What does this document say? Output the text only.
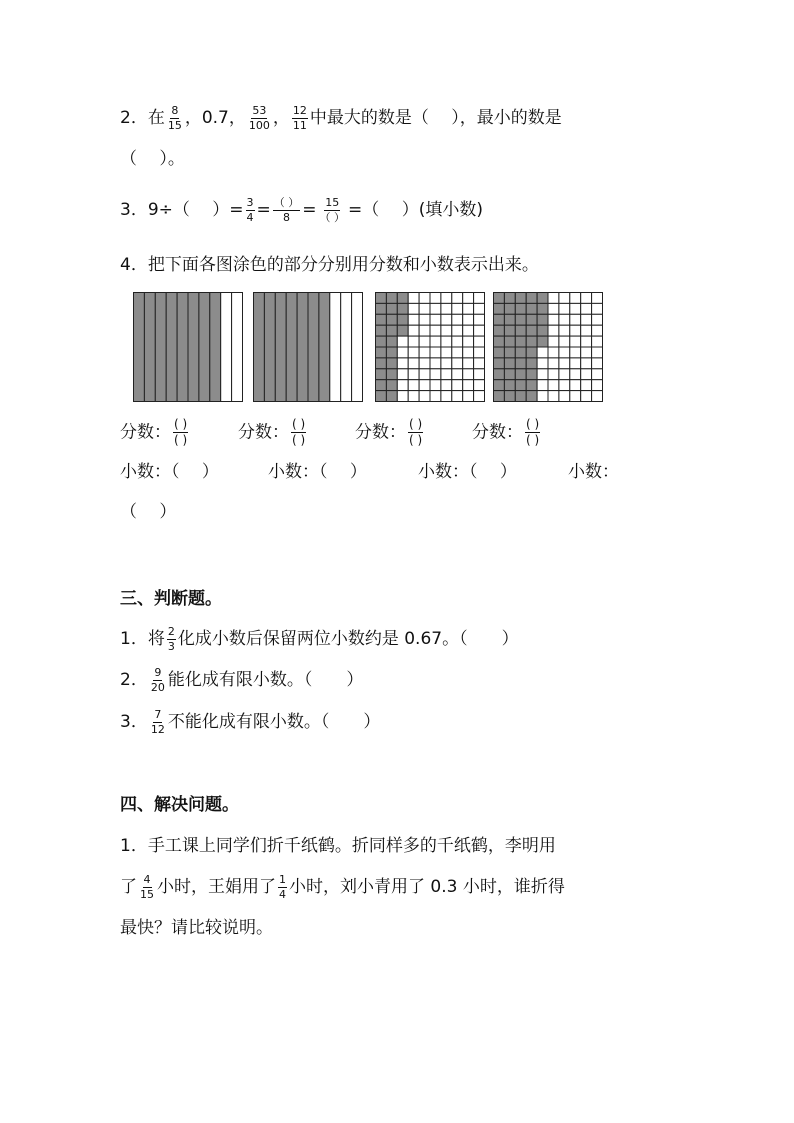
2．在 $\frac{8}{15}$ ，0.7， $\frac{53}{100}$ ， $\frac{12}{11}$ 中最大的数是（　 ），最小的数是
（　 ）。
3．9÷（　 ）= $\frac{3}{4} = \frac{( )}{8} = \frac{15}{( )}$ =（　 ）(填小数)
4．把下面各图涂色的部分分别用分数和小数表示出来。
分数： $\frac{( )}{( )}$	分数： $\frac{( )}{( )}$	分数： $\frac{( )}{( )}$	分数： $\frac{( )}{( )}$
小数：（　 ）	小数：（　 ）	小数：（　 ）	小数：
（　 ）
三、判断题。
1．将 $\frac{2}{3}$ 化成小数后保留两位小数约是 0.67。（　　）
2． $\frac{9}{20}$ 能化成有限小数。（　　）
3． $\frac{7}{12}$ 不能化成有限小数。（　　）
四、解决问题。
1．手工课上同学们折千纸鹤。折同样多的千纸鹤，李明用
了 $\frac{4}{15}$ 小时，王娟用了 $\frac{1}{4}$ 小时，刘小青用了 0.3 小时，谁折得
最快？请比较说明。
